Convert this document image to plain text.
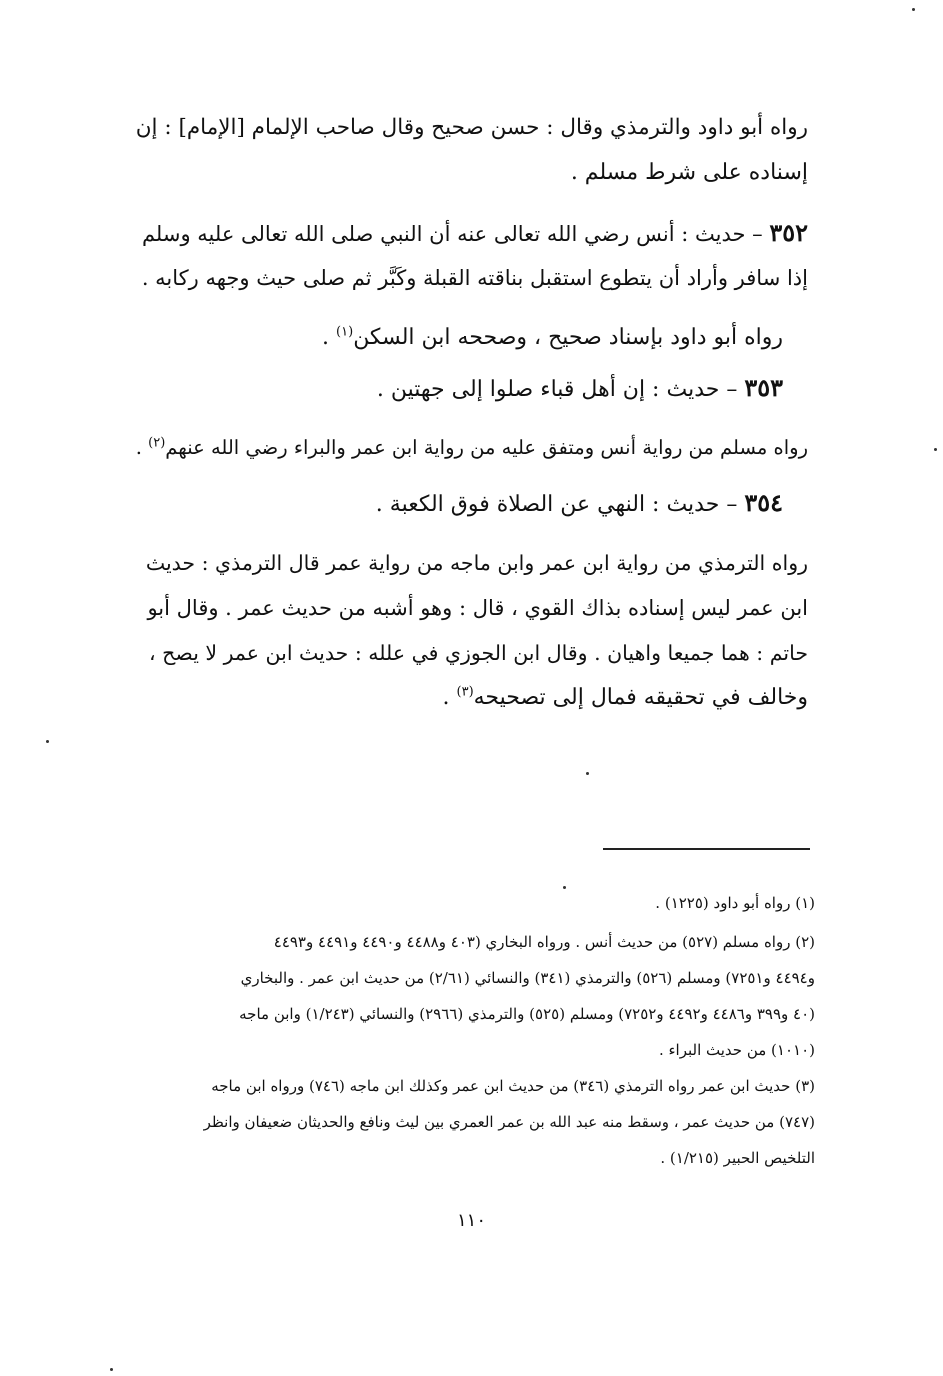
رواه أبو داود والترمذي وقال : حسن صحيح وقال صاحب الإلمام [الإمام] : إن
إسناده على شرط مسلم .
٣٥٢ – حديث : أنس رضي الله تعالى عنه أن النبي صلى الله تعالى عليه وسلم
إذا سافر وأراد أن يتطوع استقبل بناقته القبلة وكَبَّر ثم صلى حيث وجهه ركابه .
رواه أبو داود بإسناد صحيح ، وصححه ابن السكن$^{(١)}$ .
٣٥٣ – حديث : إن أهل قباء صلوا إلى جهتين .
رواه مسلم من رواية أنس ومتفق عليه من رواية ابن عمر والبراء رضي الله عنهم$^{(٢)}$ .
٣٥٤ – حديث : النهي عن الصلاة فوق الكعبة .
رواه الترمذي من رواية ابن عمر وابن ماجه من رواية عمر قال الترمذي : حديث
ابن عمر ليس إسناده بذاك القوي ، قال : وهو أشبه من حديث عمر . وقال أبو
حاتم : هما جميعا واهيان . وقال ابن الجوزي في علله : حديث ابن عمر لا يصح ،
وخالف في تحقيقه فمال إلى تصحيحه$^{(٣)}$ .
(١) رواه أبو داود (١٢٢٥) .
(٢) رواه مسلم (٥٢٧) من حديث أنس . ورواه البخاري (٤٠٣ و٤٤٨٨ و٤٤٩٠ و٤٤٩١ و٤٤٩٣
و٤٤٩٤ و٧٢٥١) ومسلم (٥٢٦) والترمذي (٣٤١) والنسائي (٢/٦١) من حديث ابن عمر . والبخاري
(٤٠ و٣٩٩ و٤٤٨٦ و٤٤٩٢ و٧٢٥٢) ومسلم (٥٢٥) والترمذي (٢٩٦٦) والنسائي (١/٢٤٣) وابن ماجه
(١٠١٠) من حديث البراء .
(٣) حديث ابن عمر رواه الترمذي (٣٤٦) من حديث ابن عمر وكذلك ابن ماجه (٧٤٦) ورواه ابن ماجه
(٧٤٧) من حديث عمر ، وسقط منه عبد الله بن عمر العمري بين ليث ونافع والحديثان ضعيفان وانظر
التلخيص الحبير (١/٢١٥) .
١١٠
